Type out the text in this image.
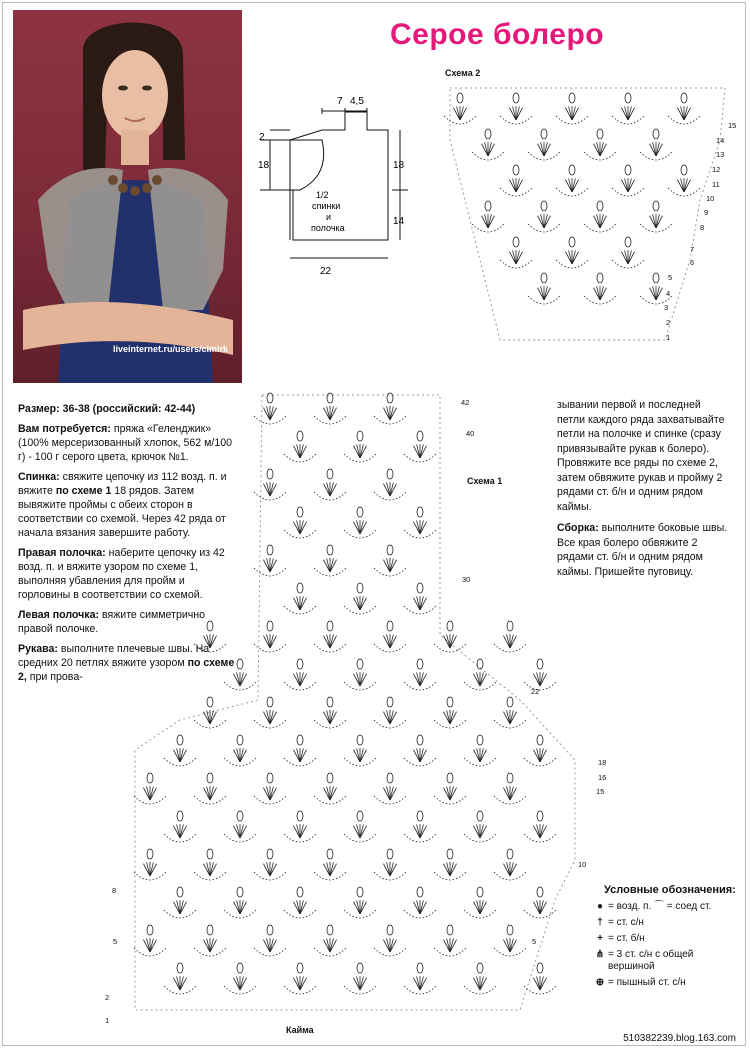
liveinternet.ru/users/clmirk
Серое болеро
7 4,5
2
18	18
14
22
1/2
спинки
и
полочка
15
14
13
12
11
10
9
8
7
6
5
4
3
2
1
42
40
30
22
18
16
15
10
8
5	5
2
1
Схема 2
Схема 1
Кайма

Размер: 36-38 (российский: 42-44)

Вам потребуется: пряжа «Геленджик» (100% мерсеризованный хлопок, 562 м/100 г) - 100 г серого цвета, крючок №1.

Спинка: свяжите цепочку из 112 возд. п. и вяжите по схеме 1 18 рядов. Затем вывяжите проймы с обеих сторон в соответствии со схемой. Через 42 ряда от начала вязания завершите работу.

Правая полочка: наберите цепочку из 42 возд. п. и вяжите узором по схеме 1, выполняя убавления для пройм и горловины в соответствии со схемой.

Левая полочка: вяжите симметрично правой полочке.

Рукава: выполните плечевые швы. На средних 20 петлях вяжите узором по схеме 2, при прова-

зывании первой и последней петли каждого ряда захватывайте петли на полочке и спинке (сразу привязывайте рукав к болеро). Провяжите все ряды по схеме 2, затем обвяжите рукав и пройму 2 рядами ст. б/н и одним рядом каймы.

Сборка: выполните боковые швы. Все края болеро обвяжите 2 рядами ст. б/н и одним рядом каймы. Пришейте пуговицу.

Условные обозначения:
● = возд. п. ⌒ = соед ст.
† = ст. с/н
+ = ст. б/н
⋔ = 3 ст. с/н с общей вершиной
⊕ = пышный ст. с/н
510382239.blog.163.com
